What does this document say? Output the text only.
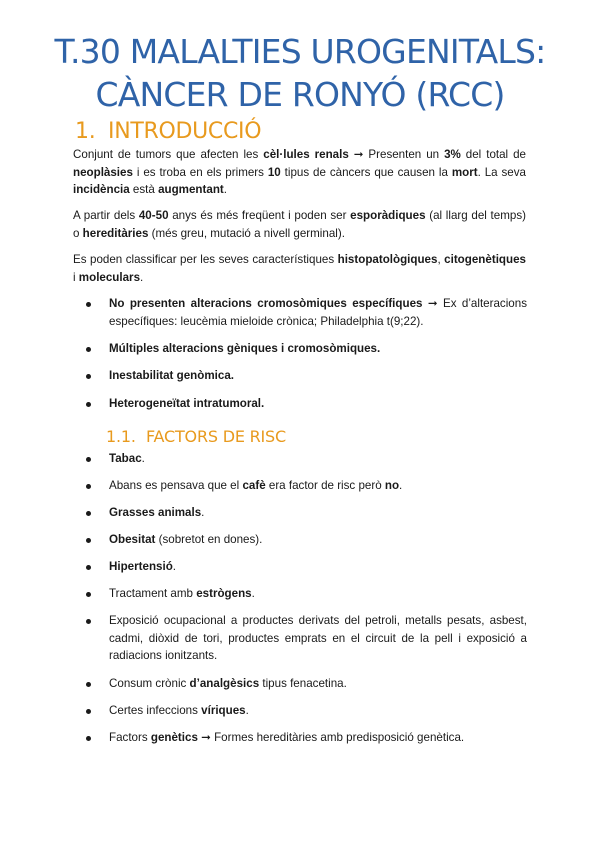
T.30 MALALTIES UROGENITALS:
CÀNCER DE RONYÓ (RCC)
1. INTRODUCCIÓ
Conjunt de tumors que afecten les cèl·lules renals ➞ Presenten un 3% del total de neoplàsies i es troba en els primers 10 tipus de càncers que causen la mort. La seva incidència està augmentant.
A partir dels 40-50 anys és més freqüent i poden ser esporàdiques (al llarg del temps) o hereditàries (més greu, mutació a nivell germinal).
Es poden classificar per les seves característiques histopatològiques, citogenètiques i moleculars.
No presenten alteracions cromosòmiques específiques ➞ Ex d’alteracions específiques: leucèmia mieloide crònica; Philadelphia t(9;22).
Múltiples alteracions gèniques i cromosòmiques.
Inestabilitat genòmica.
Heterogeneïtat intratumoral.
1.1. FACTORS DE RISC
Tabac.
Abans es pensava que el cafè era factor de risc però no.
Grasses animals.
Obesitat (sobretot en dones).
Hipertensió.
Tractament amb estrògens.
Exposició ocupacional a productes derivats del petroli, metalls pesats, asbest, cadmi, diòxid de tori, productes emprats en el circuit de la pell i exposició a radiacions ionitzants.
Consum crònic d’analgèsics tipus fenacetina.
Certes infeccions víriques.
Factors genètics ➞ Formes hereditàries amb predisposició genètica.
